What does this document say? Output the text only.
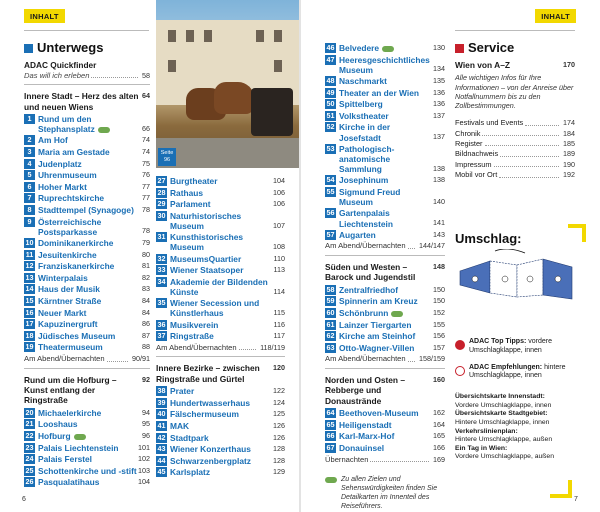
INHALT	INHALT
Unterwegs
ADAC Quickfinder
Das will ich erleben	58
Innere Stadt – Herz des alten und neuen Wiens
64
1 Rund um den Stephansplatz	66
2 Am Hof	74
3 Maria am Gestade	74
4 Judenplatz	75
5 Uhrenmuseum	76
6 Hoher Markt	77
7 Ruprechtskirche	77
8 Stadttempel (Synagoge)	78
9 Österreichische Postsparkasse	78
10 Dominikanerkirche	79
11 Jesuitenkirche	80
12 Franziskanerkirche	81
13 Winterpalais	82
14 Haus der Musik	83
15 Kärntner Straße	84
16 Neuer Markt	84
17 Kapuzinergruft	86
18 Jüdisches Museum	87
19 Theatermuseum	88
Am Abend/Übernachten	90/91
Rund um die Hofburg – Kunst entlang der Ringstraße
92
20 Michaelerkirche	94
21 Looshaus	95
22 Hofburg	96
23 Palais Liechtenstein	101
24 Palais Ferstel	102
25 Schottenkirche und -stift 103
26 Pasqualatihaus	104
Seite 96
27 Burgtheater	104
28 Rathaus	106
29 Parlament	106
30 Naturhistorisches Museum	107
31 Kunsthistorisches Museum	108
32 MuseumsQuartier	110
33 Wiener Staatsoper	113
34 Akademie der Bildenden Künste	114
35 Wiener Secession und Künstlerhaus	115
36 Musikverein	116
37 Ringstraße	117
Am Abend/Übernachten	118/119
Innere Bezirke – zwischen Ringstraße und Gürtel
120
38 Prater	122
39 Hundertwasserhaus	124
40 Fälschermuseum	125
41 MAK	126
42 Stadtpark	126
43 Wiener Konzerthaus	128
44 Schwarzenbergplatz	128
45 Karlsplatz	129
46 Belvedere	130
47 Heeresgeschichtliches Museum	134
48 Naschmarkt	135
49 Theater an der Wien	136
50 Spittelberg	136
51 Volkstheater	137
52 Kirche in der Josefstadt	137
53 Pathologisch-anatomische Sammlung	138
54 Josephinum	138
55 Sigmund Freud Museum	140
56 Gartenpalais Liechtenstein	141
57 Augarten	143
Am Abend/Übernachten 144/147
Süden und Westen – Barock und Jugendstil
148
58 Zentralfriedhof	150
59 Spinnerin am Kreuz	150
60 Schönbrunn	152
61 Lainzer Tiergarten	155
62 Kirche am Steinhof	156
63 Otto-Wagner-Villen	157
Am Abend/Übernachten 158/159
Norden und Osten – Rebberge und Donaustrände
160
64 Beethoven-Museum	162
65 Heiligenstadt	164
66 Karl-Marx-Hof	165
67 Donauinsel	166
Übernachten	169
Zu allen Zielen und Sehenswürdigkeiten finden Sie Detailkarten im Innenteil des Reiseführers.
Service
Wien von A–Z	170
Alle wichtigen Infos für Ihre Informationen – von der Anreise über Notfallnummern bis zu den Zollbestimmungen.
Festivals und Events	174
Chronik	184
Register	185
Bildnachweis	189
Impressum	190
Mobil vor Ort	192
Umschlag:
ADAC Top Tipps: vordere Umschlagklappe, innen
ADAC Empfehlungen: hintere Umschlagklappe, innen
Übersichtskarte Innenstadt:
Vordere Umschlagklappe, innen
Übersichtskarte Stadtgebiet:
Hintere Umschlagklappe, innen
Verkehrslinienplan:
Hintere Umschlagklappe, außen
Ein Tag in Wien:
Vordere Umschlagklappe, außen
6	7
